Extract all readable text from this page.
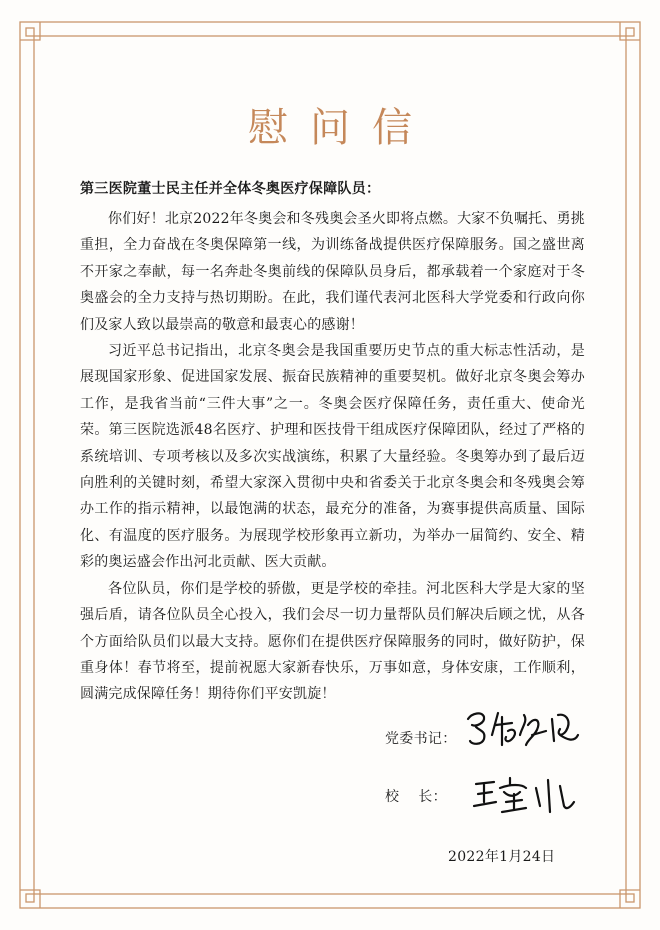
慰问信
第三医院董士民主任并全体冬奥医疗保障队员：

你们好！北京2022年冬奥会和冬残奥会圣火即将点燃。大家不负嘱托、勇挑重担，全力奋战在冬奥保障第一线，为训练备战提供医疗保障服务。国之盛世离不开家之奉献，每一名奔赴冬奥前线的保障队员身后，都承载着一个家庭对于冬奥盛会的全力支持与热切期盼。在此，我们谨代表河北医科大学党委和行政向你们及家人致以最崇高的敬意和最衷心的感谢！

习近平总书记指出，北京冬奥会是我国重要历史节点的重大标志性活动，是展现国家形象、促进国家发展、振奋民族精神的重要契机。做好北京冬奥会筹办工作，是我省当前“三件大事”之一。冬奥会医疗保障任务，责任重大、使命光荣。第三医院选派48名医疗、护理和医技骨干组成医疗保障团队，经过了严格的系统培训、专项考核以及多次实战演练，积累了大量经验。冬奥筹办到了最后迈向胜利的关键时刻，希望大家深入贯彻中央和省委关于北京冬奥会和冬残奥会筹办工作的指示精神，以最饱满的状态，最充分的准备，为赛事提供高质量、国际化、有温度的医疗服务。为展现学校形象再立新功，为举办一届简约、安全、精彩的奥运盛会作出河北贡献、医大贡献。

各位队员，你们是学校的骄傲，更是学校的牵挂。河北医科大学是大家的坚强后盾，请各位队员全心投入，我们会尽一切力量帮队员们解决后顾之忧，从各个方面给队员们以最大支持。愿你们在提供医疗保障服务的同时，做好防护，保重身体！春节将至，提前祝愿大家新春快乐，万事如意，身体安康，工作顺利，圆满完成保障任务！期待你们平安凯旋！

党委书记：
校    长：
2022年1月24日
